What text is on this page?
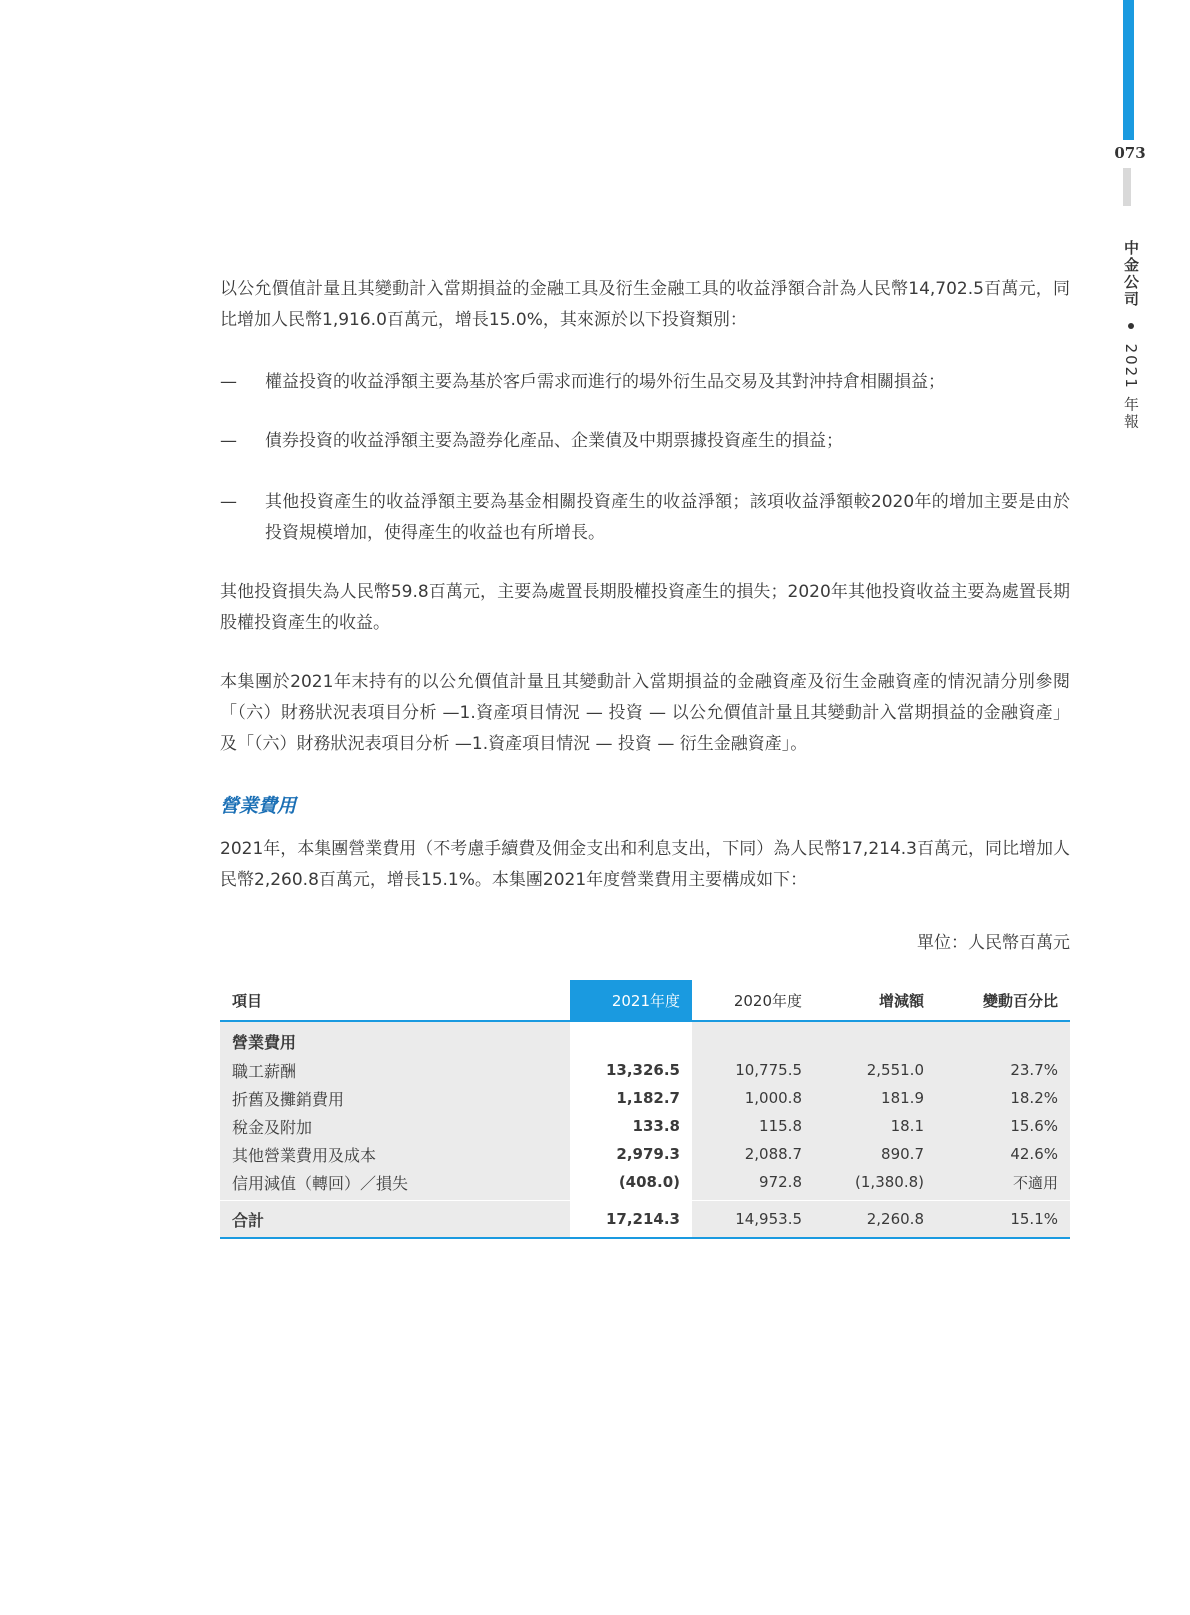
073
中金公司  2021 年報

以公允價值計量且其變動計入當期損益的金融工具及衍生金融工具的收益淨額合計為人民幣14,702.5百萬元，同比增加人民幣1,916.0百萬元，增長15.0%，其來源於以下投資類別：

— 權益投資的收益淨額主要為基於客戶需求而進行的場外衍生品交易及其對沖持倉相關損益；
— 債券投資的收益淨額主要為證券化產品、企業債及中期票據投資產生的損益；
— 其他投資產生的收益淨額主要為基金相關投資產生的收益淨額；該項收益淨額較2020年的增加主要是由於投資規模增加，使得產生的收益也有所增長。

其他投資損失為人民幣59.8百萬元，主要為處置長期股權投資產生的損失；2020年其他投資收益主要為處置長期股權投資產生的收益。

本集團於2021年末持有的以公允價值計量且其變動計入當期損益的金融資產及衍生金融資產的情況請分別參閱「（六）財務狀況表項目分析 —1.資產項目情況 — 投資 — 以公允價值計量且其變動計入當期損益的金融資產」及「（六）財務狀況表項目分析 —1.資產項目情況 — 投資 — 衍生金融資產」。

營業費用

2021年，本集團營業費用（不考慮手續費及佣金支出和利息支出，下同）為人民幣17,214.3百萬元，同比增加人民幣2,260.8百萬元，增長15.1%。本集團2021年度營業費用主要構成如下：

單位：人民幣百萬元
項目	2021年度	2020年度	增減額	變動百分比

營業費用				
職工薪酬	13,326.5	10,775.5	2,551.0	23.7%
折舊及攤銷費用	1,182.7	1,000.8	181.9	18.2%
稅金及附加	133.8	115.8	18.1	15.6%
其他營業費用及成本	2,979.3	2,088.7	890.7	42.6%
信用減值（轉回）／損失	(408.0)	972.8	(1,380.8)	不適用

合計	17,214.3	14,953.5	2,260.8	15.1%
